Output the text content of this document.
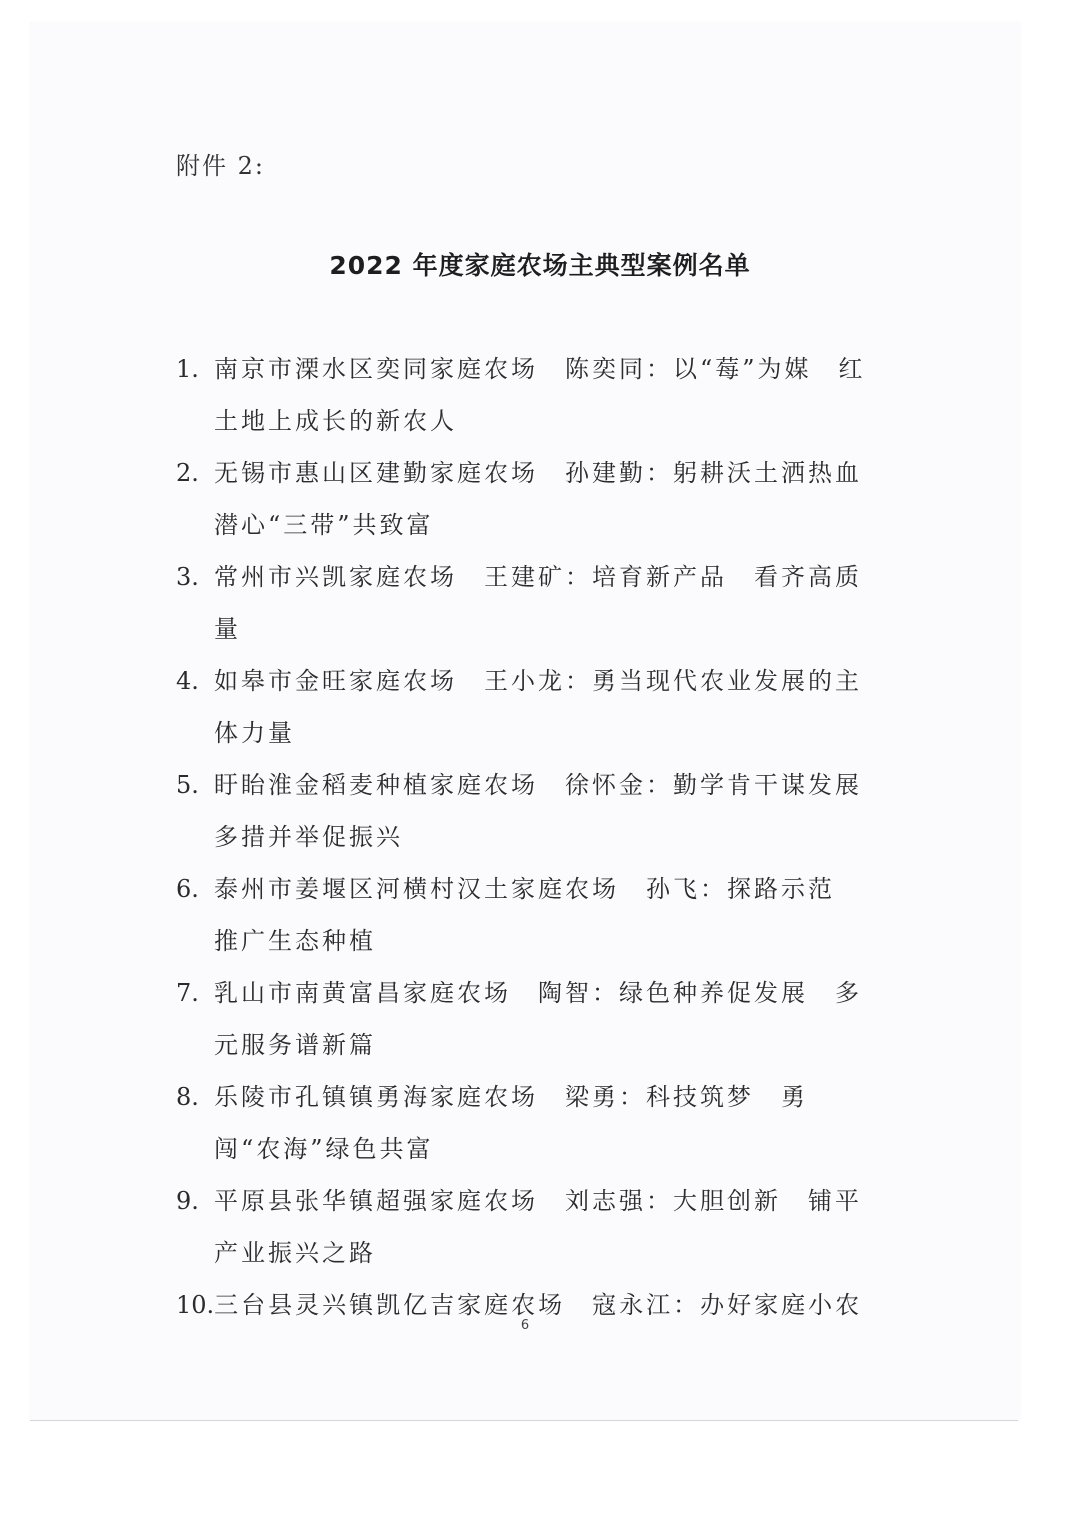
附件 2:
2022 年度家庭农场主典型案例名单
1. 南京市溧水区奕同家庭农场　陈奕同：以“莓”为媒　红土地上成长的新农人
2. 无锡市惠山区建勤家庭农场　孙建勤：躬耕沃土洒热血　潜心“三带”共致富
3. 常州市兴凯家庭农场　王建矿：培育新产品　看齐高质量
4. 如皋市金旺家庭农场　王小龙：勇当现代农业发展的主体力量
5. 盱眙淮金稻麦种植家庭农场　徐怀金：勤学肯干谋发展　多措并举促振兴
6. 泰州市姜堰区河横村汉土家庭农场　孙飞：探路示范　推广生态种植
7. 乳山市南黄富昌家庭农场　陶智：绿色种养促发展　多元服务谱新篇
8. 乐陵市孔镇镇勇海家庭农场　梁勇：科技筑梦　勇闯“农海”绿色共富
9. 平原县张华镇超强家庭农场　刘志强：大胆创新　铺平产业振兴之路
10. 三台县灵兴镇凯亿吉家庭农场　寇永江：办好家庭小农
6
